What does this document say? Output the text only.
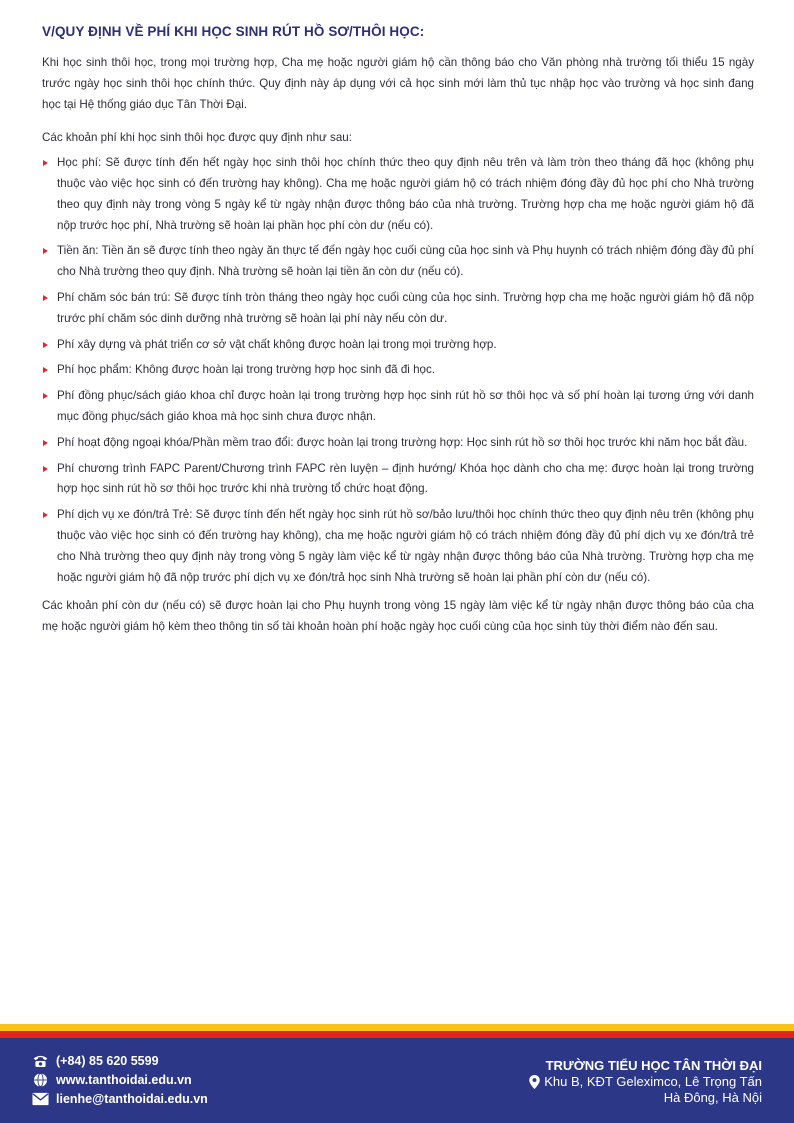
V/QUY ĐỊNH VỀ PHÍ KHI HỌC SINH RÚT HỒ SƠ/THÔI HỌC:

Khi học sinh thôi học, trong mọi trường hợp, Cha mẹ hoặc người giám hộ cần thông báo cho Văn phòng nhà trường tối thiểu 15 ngày trước ngày học sinh thôi học chính thức. Quy định này áp dụng với cả học sinh mới làm thủ tục nhập học vào trường và học sinh đang học tại Hệ thống giáo dục Tân Thời Đại.

Các khoản phí khi học sinh thôi học được quy định như sau:

Học phí: Sẽ được tính đến hết ngày học sinh thôi học chính thức theo quy định nêu trên và làm tròn theo tháng đã học (không phụ thuộc vào việc học sinh có đến trường hay không). Cha mẹ hoặc người giám hộ có trách nhiệm đóng đầy đủ học phí cho Nhà trường theo quy định này trong vòng 5 ngày kể từ ngày nhận được thông báo của nhà trường. Trường hợp cha mẹ hoặc người giám hộ đã nộp trước học phí, Nhà trường sẽ hoàn lại phần học phí còn dư (nếu có).
Tiền ăn: Tiền ăn sẽ được tính theo ngày ăn thực tế đến ngày học cuối cùng của học sinh và Phụ huynh có trách nhiệm đóng đầy đủ phí cho Nhà trường theo quy định. Nhà trường sẽ hoàn lại tiền ăn còn dư (nếu có).
Phí chăm sóc bán trú: Sẽ được tính tròn tháng theo ngày học cuối cùng của học sinh. Trường hợp cha mẹ hoặc người giám hộ đã nộp trước phí chăm sóc dinh dưỡng nhà trường sẽ hoàn lại phí này nếu còn dư.
Phí xây dựng và phát triển cơ sở vật chất không được hoàn lại trong mọi trường hợp.
Phí học phẩm: Không được hoàn lại trong trường hợp học sinh đã đi học.
Phí đồng phục/sách giáo khoa chỉ được hoàn lại trong trường hợp học sinh rút hồ sơ thôi học và số phí hoàn lại tương ứng với danh mục đồng phục/sách giáo khoa mà học sinh chưa được nhận.
Phí hoạt động ngoại khóa/Phần mềm trao đổi: được hoàn lại trong trường hợp: Học sinh rút hồ sơ thôi học trước khi năm học bắt đầu.
Phí chương trình FAPC Parent/Chương trình FAPC rèn luyện – định hướng/ Khóa học dành cho cha mẹ: được hoàn lại trong trường hợp học sinh rút hồ sơ thôi học trước khi nhà trường tổ chức hoạt động.
Phí dịch vụ xe đón/trả Trẻ: Sẽ được tính đến hết ngày học sinh rút hồ sơ/bảo lưu/thôi học chính thức theo quy định nêu trên (không phụ thuộc vào việc học sinh có đến trường hay không), cha mẹ hoặc người giám hộ có trách nhiệm đóng đầy đủ phí dịch vụ xe đón/trả trẻ cho Nhà trường theo quy định này trong vòng 5 ngày làm việc kể từ ngày nhận được thông báo của Nhà trường. Trường hợp cha mẹ hoặc người giám hộ đã nộp trước phí dịch vụ xe đón/trả học sinh Nhà trường sẽ hoàn lại phần phí còn dư (nếu có).

Các khoản phí còn dư (nếu có) sẽ được hoàn lại cho Phụ huynh trong vòng 15 ngày làm việc kể từ ngày nhận được thông báo của cha mẹ hoặc người giám hộ kèm theo thông tin số tài khoản hoàn phí hoặc ngày học cuối cùng của học sinh tùy thời điểm nào đến sau.

(+84) 85 620 5599
www.tanthoidai.edu.vn
lienhe@tanthoidai.edu.vn
TRƯỜNG TIỂU HỌC TÂN THỜI ĐẠI
Khu B, KĐT Geleximco, Lê Trọng Tấn
Hà Đông, Hà Nội
